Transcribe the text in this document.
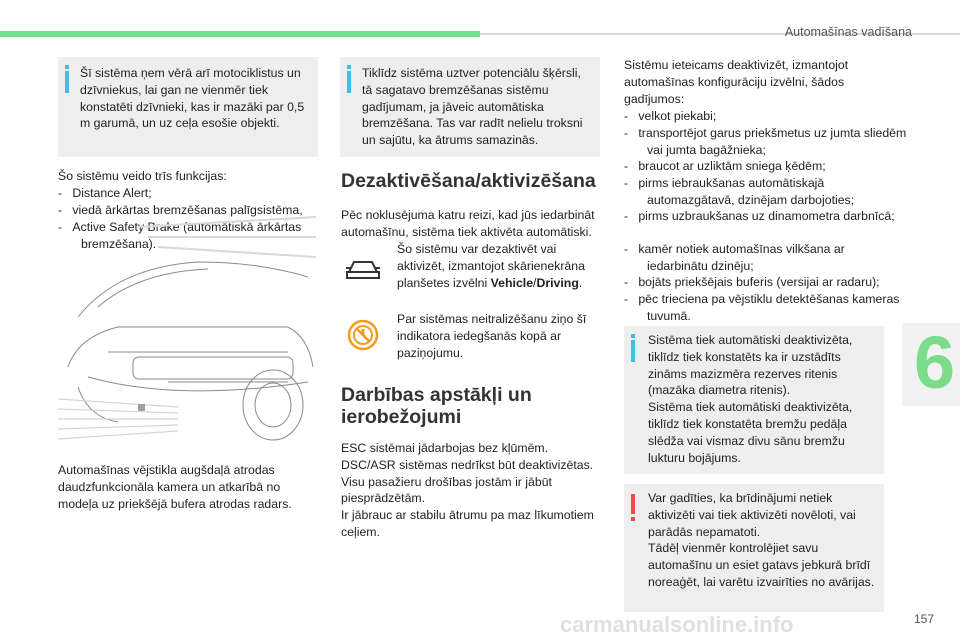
Automašīnas vadīšana
6

Šī sistēma ņem vērā arī motociklistus un dzīvniekus, lai gan ne vienmēr tiek konstatēti dzīvnieki, kas ir mazāki par 0,5 m garumā, un uz ceļa esošie objekti.

Šo sistēmu veido trīs funkcijas:

-   Distance Alert;

-   viedā ārkārtas bremzēšanas palīgsistēma,

-   Active Safety Brake (automātiskā ārkārtas bremzēšana).

Automašīnas vējstikla augšdaļā atrodas daudzfunkcionāla kamera un atkarībā no modeļa uz priekšējā bufera atrodas radars.

Tiklīdz sistēma uztver potenciālu šķērsli, tā sagatavo bremzēšanas sistēmu gadījumam, ja jāveic automātiska bremzēšana. Tas var radīt nelielu troksni un sajūtu, ka ātrums samazinās.

Dezaktivēšana/aktivizēšana

Pēc noklusējuma katru reizi, kad jūs iedarbināt automašīnu, sistēma tiek aktivēta automātiski.

Šo sistēmu var dezaktivēt vai aktivizēt, izmantojot skārienekrāna planšetes izvēlni Vehicle/Driving.

Par sistēmas neitralizēšanu ziņo šī indikatora iedegšanās kopā ar paziņojumu.

Darbības apstākļi un ierobežojumi

ESC sistēmai jādarbojas bez kļūmēm.
DSC/ASR sistēmas nedrīkst būt deaktivizētas.
Visu pasažieru drošības jostām ir jābūt piesprādzētām.
Ir jābrauc ar stabilu ātrumu pa maz līkumotiem ceļiem.

Sistēmu ieteicams deaktivizēt, izmantojot automašīnas konfigurāciju izvēlni, šādos gadījumos:

-   velkot piekabi;

-   transportējot garus priekšmetus uz jumta sliedēm vai jumta bagāžnieka;

-   braucot ar uzliktām sniega ķēdēm;

-   pirms iebraukšanas automātiskajā automazgātavā, dzinējam darbojoties;

-   pirms uzbraukšanas uz dinamometra darbnīcā;

-   kamēr notiek automašīnas vilkšana ar iedarbinātu dzinēju;

-   bojāts priekšējais buferis (versijai ar radaru);

-   pēc trieciena pa vējstiklu detektēšanas kameras tuvumā.

Sistēma tiek automātiski deaktivizēta, tiklīdz tiek konstatēts ka ir uzstādīts zināms mazizmēra rezerves ritenis (mazāka diametra ritenis).
Sistēma tiek automātiski deaktivizēta, tiklīdz tiek konstatēta bremžu pedāļa slēdža vai vismaz divu sānu bremžu lukturu bojājums.

Var gadīties, ka brīdinājumi netiek aktivizēti vai tiek aktivizēti novēloti, vai parādās nepamatoti.
Tādēļ vienmēr kontrolējiet savu automašīnu un esiet gatavs jebkurā brīdī noreaģēt, lai varētu izvairīties no avārijas.

carmanualsonline.info	157
